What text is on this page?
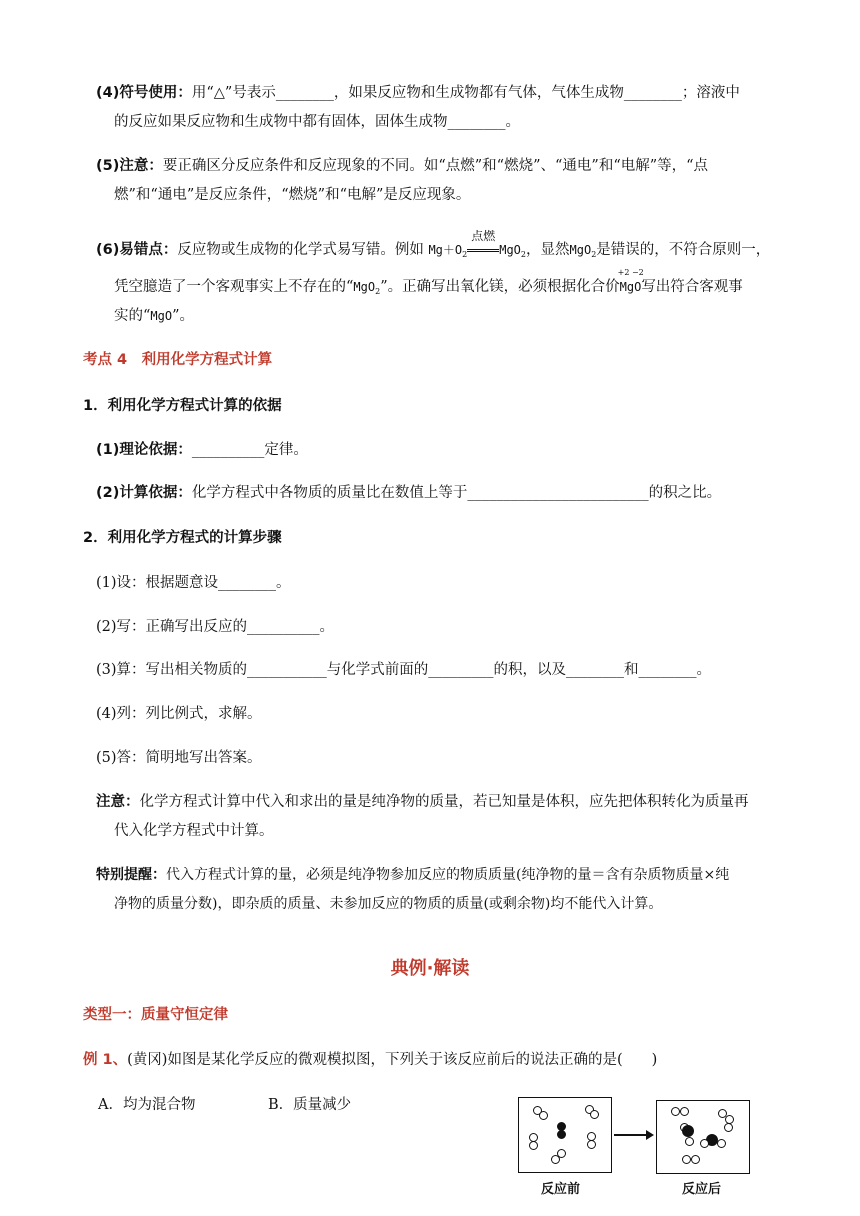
(4)符号使用：用“△”号表示________，如果反应物和生成物都有气体，气体生成物________；溶液中
的反应如果反应物和生成物中都有固体，固体生成物________。
(5)注意：要正确区分反应条件和反应现象的不同。如“点燃”和“燃烧”、“通电”和“电解”等，“点
燃”和“通电”是反应条件，“燃烧”和“电解”是反应现象。
(6)易错点：反应物或生成物的化学式易写错。例如 $Mg+O_2$
点燃
MgO$_2$，显然MgO$_2$是错误的，不符合原则一，
凭空臆造了一个客观事实上不存在的“MgO$_2$”。正确写出氧化镁，必须根据化合价
+2 −2
MgO写出符合客观事
实的“MgO”。
考点 4　利用化学方程式计算
1．利用化学方程式计算的依据
(1)理论依据：__________定律。
(2)计算依据：化学方程式中各物质的质量比在数值上等于_________________________的积之比。
2．利用化学方程式的计算步骤
(1)设：根据题意设________。
(2)写：正确写出反应的__________。
(3)算：写出相关物质的___________与化学式前面的_________的积，以及________和________。
(4)列：列比例式，求解。
(5)答：简明地写出答案。
注意：化学方程式计算中代入和求出的量是纯净物的质量，若已知量是体积，应先把体积转化为质量再
代入化学方程式中计算。
特别提醒：代入方程式计算的量，必须是纯净物参加反应的物质质量(纯净物的量＝含有杂质物质量×纯
净物的质量分数)，即杂质的质量、未参加反应的物质的质量(或剩余物)均不能代入计算。
典例·解读
类型一：质量守恒定律
例 1、(黄冈)如图是某化学反应的微观模拟图，下列关于该反应前后的说法正确的是(　　)
A．均为混合物	B．质量减少
反应前	反应后
